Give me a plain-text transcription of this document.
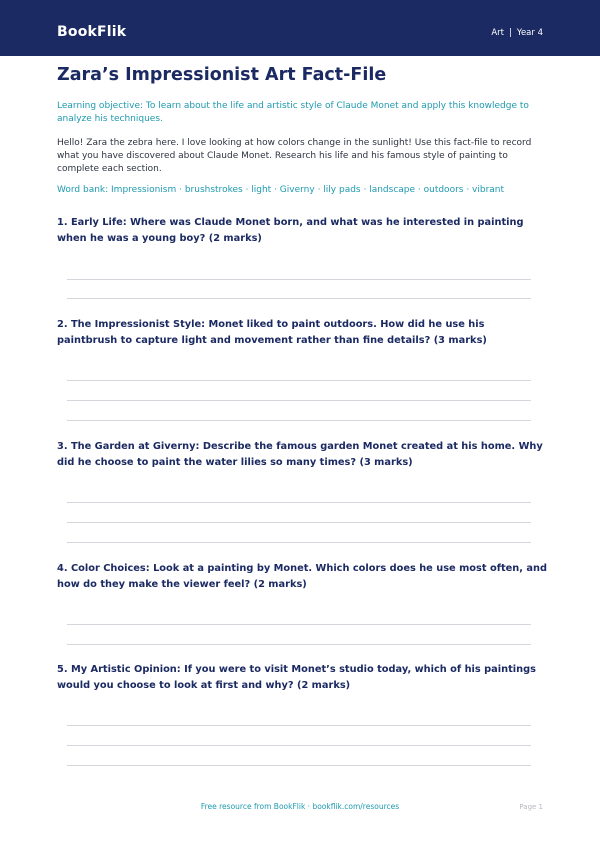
BookFlik	Art | Year 4
Zara’s Impressionist Art Fact-File

Learning objective: To learn about the life and artistic style of Claude Monet and apply this knowledge to analyze his techniques.

Hello! Zara the zebra here. I love looking at how colors change in the sunlight! Use this fact-file to record what you have discovered about Claude Monet. Research his life and his famous style of painting to complete each section.

Word bank: Impressionism · brushstrokes · light · Giverny · lily pads · landscape · outdoors · vibrant

1. Early Life: Where was Claude Monet born, and what was he interested in painting when he was a young boy? (2 marks)

2. The Impressionist Style: Monet liked to paint outdoors. How did he use his paintbrush to capture light and movement rather than fine details? (3 marks)

3. The Garden at Giverny: Describe the famous garden Monet created at his home. Why did he choose to paint the water lilies so many times? (3 marks)

4. Color Choices: Look at a painting by Monet. Which colors does he use most often, and how do they make the viewer feel? (2 marks)

5. My Artistic Opinion: If you were to visit Monet’s studio today, which of his paintings would you choose to look at first and why? (2 marks)

Free resource from BookFlik · bookflik.com/resources	Page 1
